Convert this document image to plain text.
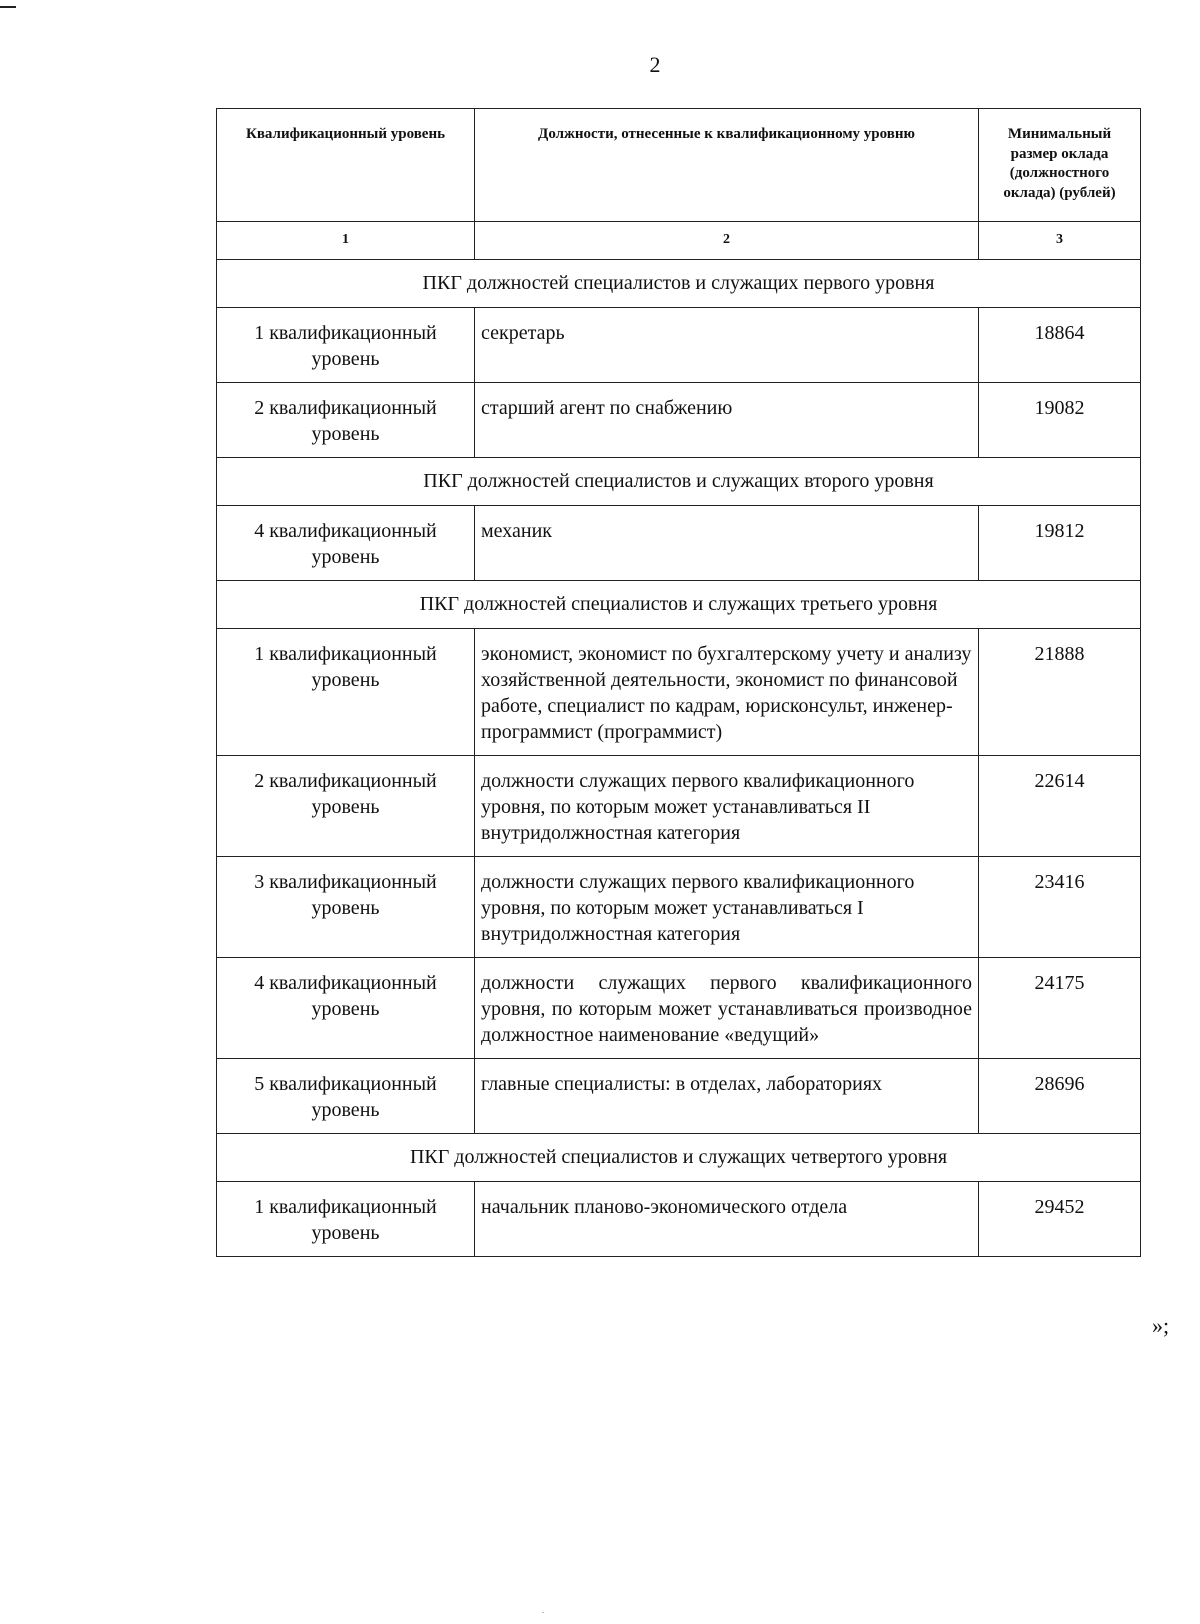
2
Квалификационный уровень	Должности, отнесенные к квалификационному уровню	Минимальный размер оклада (должностного оклада) (рублей)
1	2	3
ПКГ должностей специалистов и служащих первого уровня		
1 квалификационный уровень	секретарь	18864
2 квалификационный уровень	старший агент по снабжению	19082
ПКГ должностей специалистов и служащих второго уровня		
4 квалификационный уровень	механик	19812
ПКГ должностей специалистов и служащих третьего уровня		
1 квалификационный уровень	экономист, экономист по бухгалтерскому учету и анализу хозяйственной деятельности, экономист по финансовой работе, специалист по кадрам, юрисконсульт, инженер-программист (программист)	21888
2 квалификационный уровень	должности служащих первого квалификационного уровня, по которым может устанавливаться II внутридолжностная категория	22614
3 квалификационный уровень	должности служащих первого квалификационного уровня, по которым может устанавливаться I внутридолжностная категория	23416
4 квалификационный уровень	должности служащих первого квалификационного уровня, по которым может устанавливаться производное должностное наименование «ведущий»	24175
5 квалификационный уровень	главные специалисты: в отделах, лабораториях	28696
ПКГ должностей специалистов и служащих четвертого уровня		
1 квалификационный уровень	начальник планово-экономического отдела	29452
»;
